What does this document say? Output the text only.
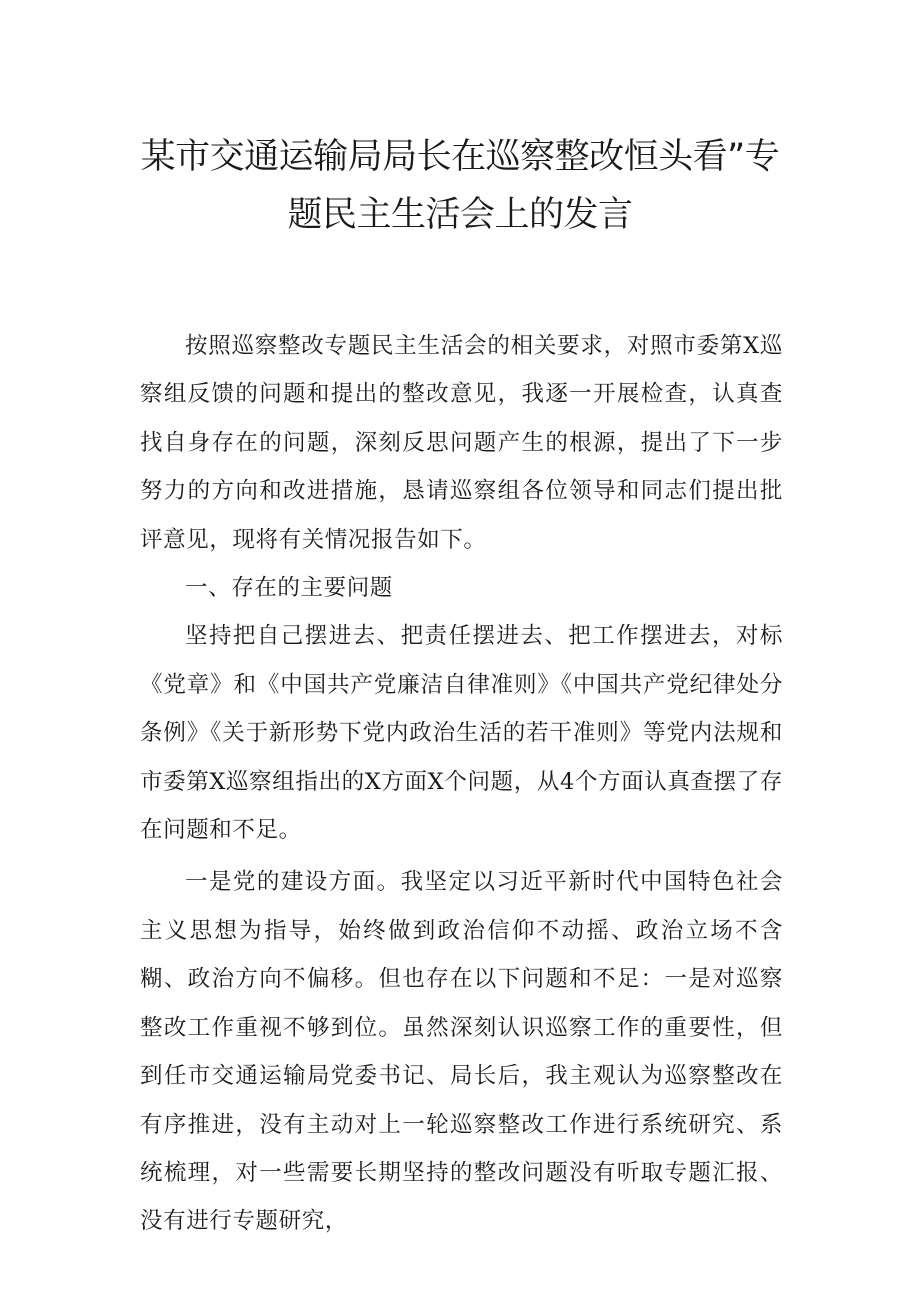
某市交通运输局局长在巡察整改恒头看”专
题民主生活会上的发言

按照巡察整改专题民主生活会的相关要求，对照市委第X巡察组反馈的问题和提出的整改意见，我逐一开展检查，认真查找自身存在的问题，深刻反思问题产生的根源，提出了下一步努力的方向和改进措施，恳请巡察组各位领导和同志们提出批评意见，现将有关情况报告如下。

一、存在的主要问题

坚持把自己摆进去、把责任摆进去、把工作摆进去，对标《党章》和《中国共产党廉洁自律准则》《中国共产党纪律处分条例》《关于新形势下党内政治生活的若干准则》等党内法规和市委第X巡察组指出的X方面X个问题，从4个方面认真查摆了存在问题和不足。

一是党的建设方面。我坚定以习近平新时代中国特色社会主义思想为指导，始终做到政治信仰不动摇、政治立场不含糊、政治方向不偏移。但也存在以下问题和不足：一是对巡察整改工作重视不够到位。虽然深刻认识巡察工作的重要性，但到任市交通运输局党委书记、局长后，我主观认为巡察整改在有序推进，没有主动对上一轮巡察整改工作进行系统研究、系统梳理，对一些需要长期坚持的整改问题没有听取专题汇报、没有进行专题研究，
